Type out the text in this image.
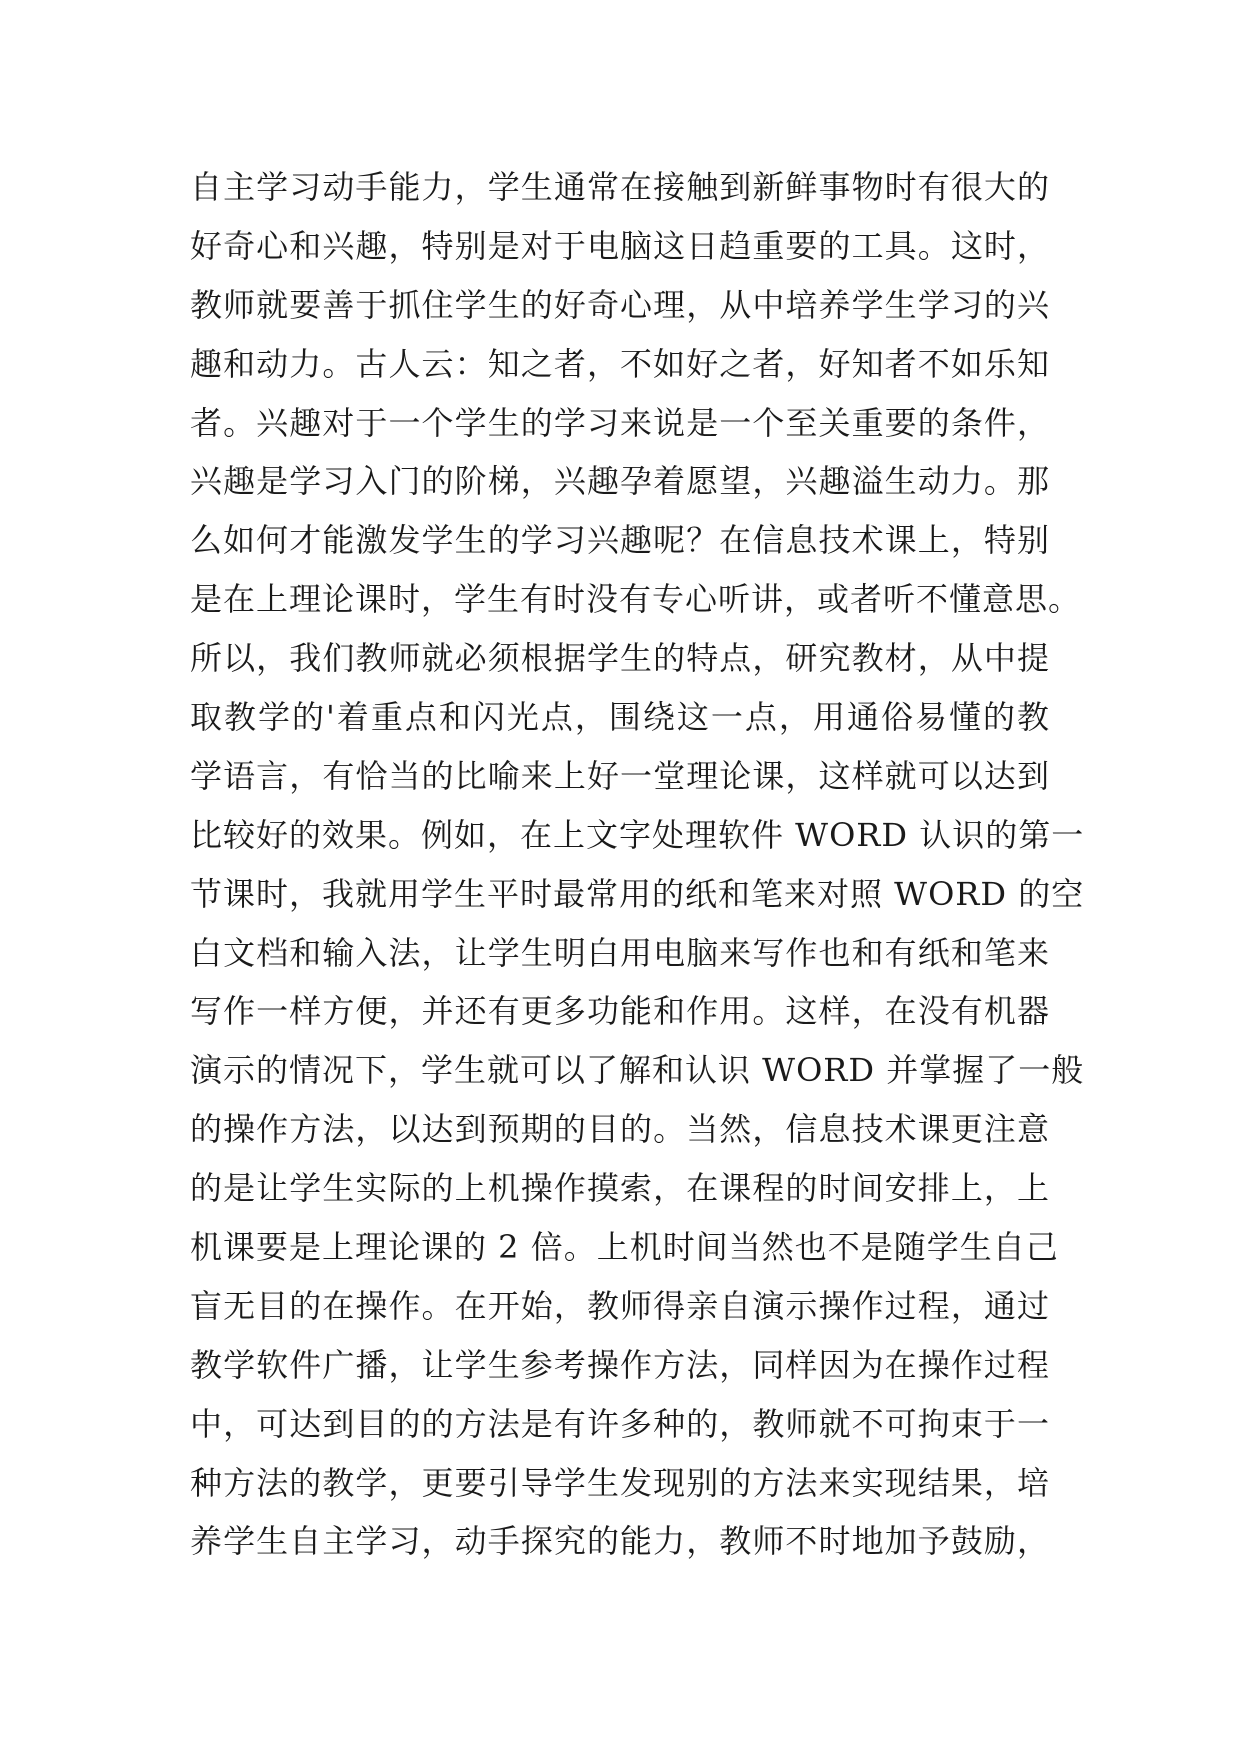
自主学习动手能力，学生通常在接触到新鲜事物时有很大的
好奇心和兴趣，特别是对于电脑这日趋重要的工具。这时，
教师就要善于抓住学生的好奇心理，从中培养学生学习的兴
趣和动力。古人云：知之者，不如好之者，好知者不如乐知
者。兴趣对于一个学生的学习来说是一个至关重要的条件，
兴趣是学习入门的阶梯，兴趣孕着愿望，兴趣溢生动力。那
么如何才能激发学生的学习兴趣呢？在信息技术课上，特别
是在上理论课时，学生有时没有专心听讲，或者听不懂意思。
所以，我们教师就必须根据学生的特点，研究教材，从中提
取教学的'着重点和闪光点，围绕这一点，用通俗易懂的教
学语言，有恰当的比喻来上好一堂理论课，这样就可以达到
比较好的效果。例如，在上文字处理软件 WORD 认识的第一
节课时，我就用学生平时最常用的纸和笔来对照 WORD 的空
白文档和输入法，让学生明白用电脑来写作也和有纸和笔来
写作一样方便，并还有更多功能和作用。这样，在没有机器
演示的情况下，学生就可以了解和认识 WORD 并掌握了一般
的操作方法，以达到预期的目的。当然，信息技术课更注意
的是让学生实际的上机操作摸索，在课程的时间安排上，上
机课要是上理论课的 2 倍。上机时间当然也不是随学生自己
盲无目的在操作。在开始，教师得亲自演示操作过程，通过
教学软件广播，让学生参考操作方法，同样因为在操作过程
中，可达到目的的方法是有许多种的，教师就不可拘束于一
种方法的教学，更要引导学生发现别的方法来实现结果，培
养学生自主学习，动手探究的能力，教师不时地加予鼓励，
